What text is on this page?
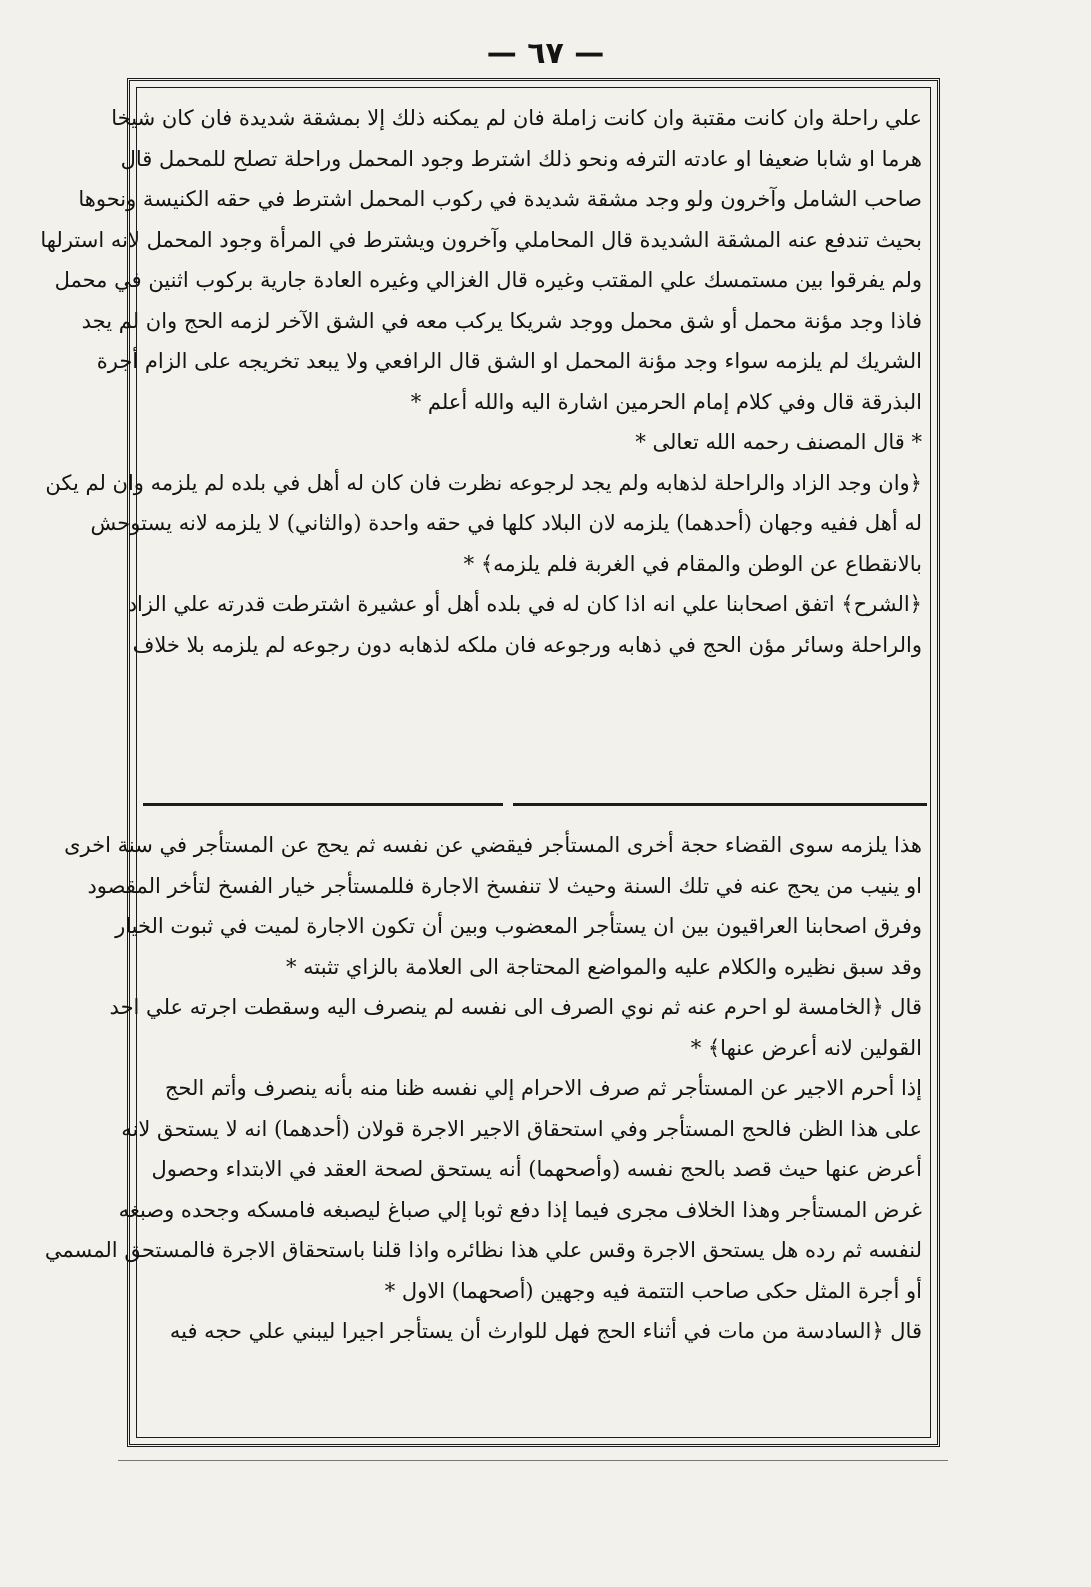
— ٦٧ —
علي راحلة وان كانت مقتبة وان كانت زاملة فان لم يمكنه ذلك إلا بمشقة شديدة فان كان شيخا
هرما او شابا ضعيفا او عادته الترفه ونحو ذلك اشترط وجود المحمل وراحلة تصلح للمحمل قال
صاحب الشامل وآخرون ولو وجد مشقة شديدة في ركوب المحمل اشترط في حقه الكنيسة ونحوها
بحيث تندفع عنه المشقة الشديدة قال المحاملي وآخرون ويشترط في المرأة وجود المحمل لانه استرلها
ولم يفرقوا بين مستمسك علي المقتب وغيره قال الغزالي وغيره العادة جارية بركوب اثنين في محمل
فاذا وجد مؤنة محمل أو شق محمل ووجد شريكا يركب معه في الشق الآخر لزمه الحج وان لم يجد
الشريك لم يلزمه سواء وجد مؤنة المحمل او الشق قال الرافعي ولا يبعد تخريجه على الزام أجرة
البذرقة قال وفي كلام إمام الحرمين اشارة اليه والله أعلم *
* قال المصنف رحمه الله تعالى *
﴿وان وجد الزاد والراحلة لذهابه ولم يجد لرجوعه نظرت فان كان له أهل في بلده لم يلزمه وان لم يكن
له أهل ففيه وجهان (أحدهما) يلزمه لان البلاد كلها في حقه واحدة (والثاني) لا يلزمه لانه يستوحش
بالانقطاع عن الوطن والمقام في الغربة فلم يلزمه﴾ *
﴿الشرح﴾ اتفق اصحابنا علي انه اذا كان له في بلده أهل أو عشيرة اشترطت قدرته علي الزاد
والراحلة وسائر مؤن الحج في ذهابه ورجوعه فان ملكه لذهابه دون رجوعه لم يلزمه بلا خلاف
هذا يلزمه سوى القضاء حجة أخرى المستأجر فيقضي عن نفسه ثم يحج عن المستأجر في سنة اخرى
او ينيب من يحج عنه في تلك السنة وحيث لا تنفسخ الاجارة فللمستأجر خيار الفسخ لتأخر المقصود
وفرق اصحابنا العراقيون بين ان يستأجر المعضوب وبين أن تكون الاجارة لميت في ثبوت الخيار
وقد سبق نظيره والكلام عليه والمواضع المحتاجة الى العلامة بالزاي تثبته *
قال ﴿الخامسة لو احرم عنه ثم نوي الصرف الى نفسه لم ينصرف اليه وسقطت اجرته علي احد
القولين لانه أعرض عنها﴾ *
إذا أحرم الاجير عن المستأجر ثم صرف الاحرام إلي نفسه ظنا منه بأنه ينصرف وأتم الحج
على هذا الظن فالحج المستأجر وفي استحقاق الاجير الاجرة قولان (أحدهما) انه لا يستحق لانه
أعرض عنها حيث قصد بالحج نفسه (وأصحهما) أنه يستحق لصحة العقد في الابتداء وحصول
غرض المستأجر وهذا الخلاف مجرى فيما إذا دفع ثوبا إلي صباغ ليصبغه فامسكه وجحده وصبغه
لنفسه ثم رده هل يستحق الاجرة وقس علي هذا نظائره واذا قلنا باستحقاق الاجرة فالمستحق المسمي
أو أجرة المثل حكى صاحب التتمة فيه وجهين (أصحهما) الاول *
قال ﴿السادسة من مات في أثناء الحج فهل للوارث أن يستأجر اجيرا ليبني علي حجه فيه
